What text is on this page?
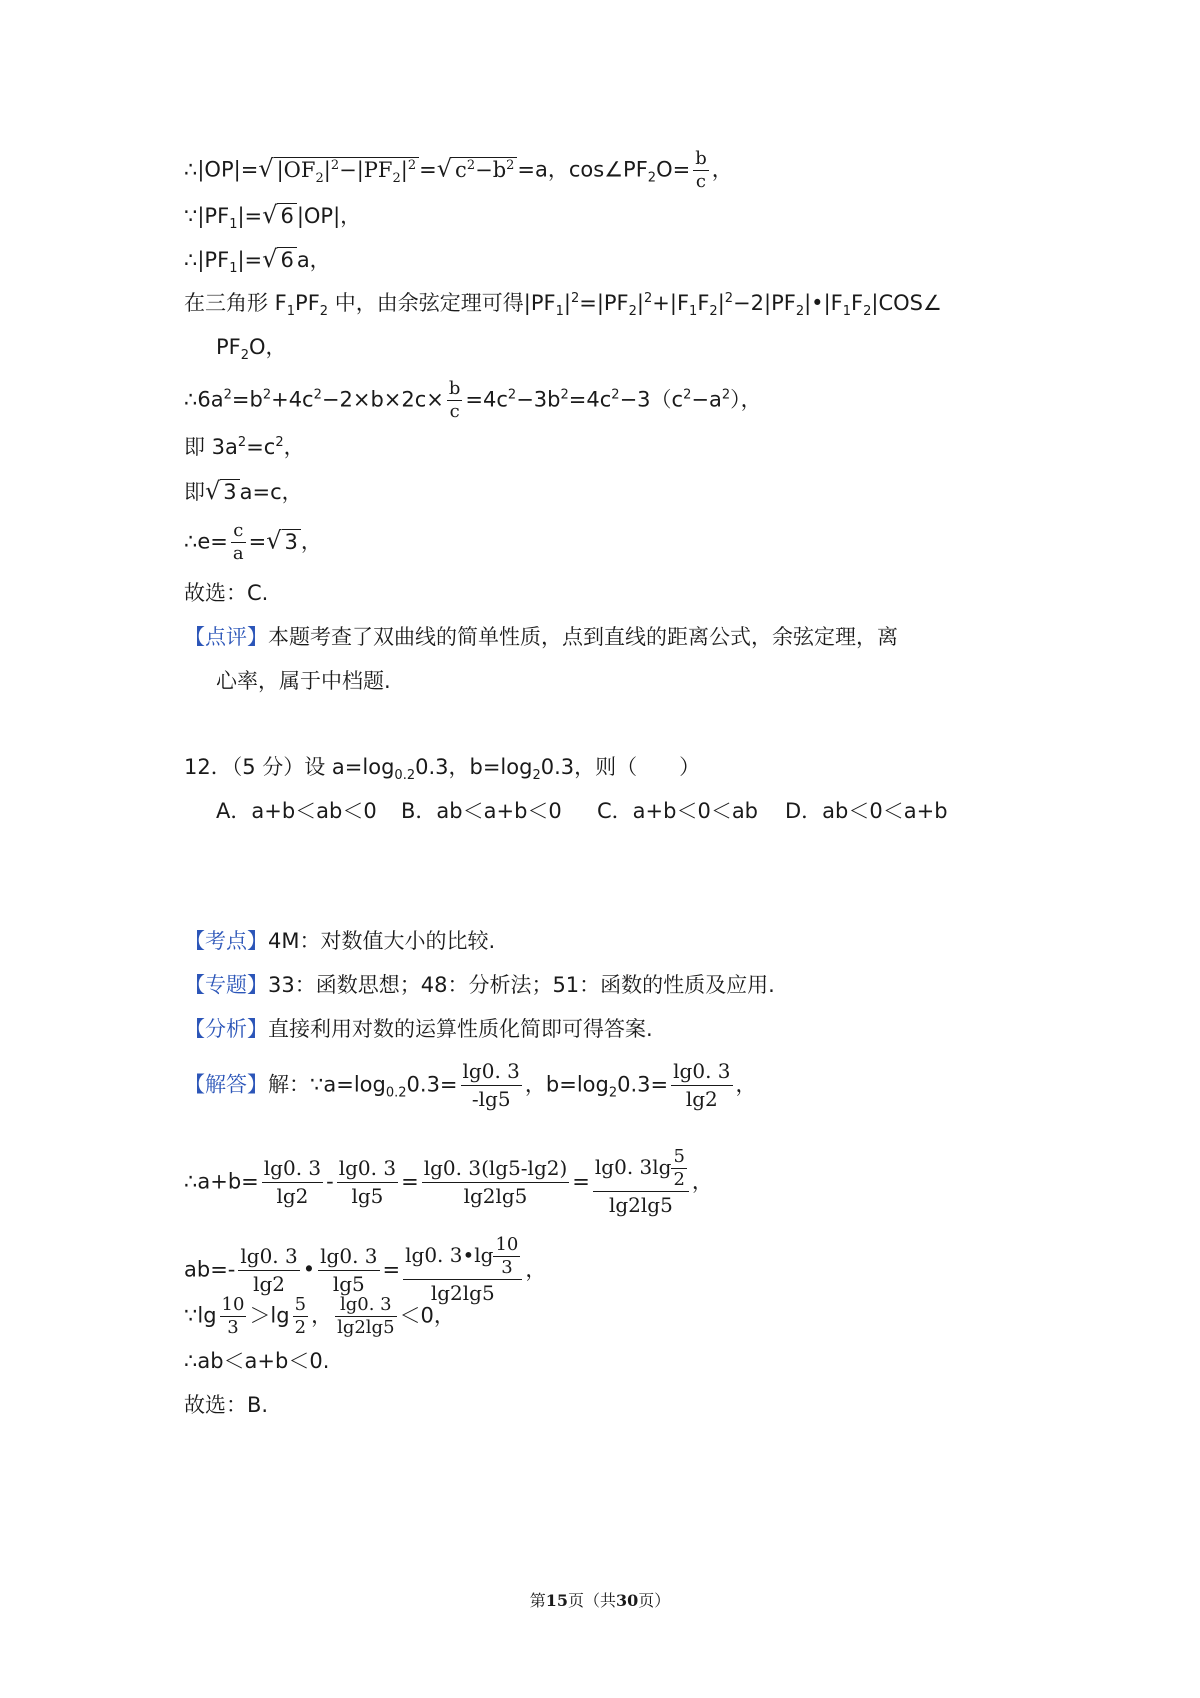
∴|OP|=√ $|OF_2|^2-|PF_2|^2$ =√ $c^2-b^2 =a$，$\cos\angle PF_2O= \frac{b}{c}$ ，
$\because|PF_1|=√$ 6 |OP|，
$\therefore|PF_1|=√$ 6 a，
在三角形 $F_1PF_2$ 中，由余弦定理可得$|PF_1|^2=|PF_2|^2+|F_1F_2|^2-2|PF_2|•|F_1F_2|COS\angle$
$PF_2O$，
$\therefore 6a^2=b^2+4c^2-2\times b\times 2c\times \frac{b}{c} =4c^2-3b^2=4c^2-3(c^2-a^2)$，
即 $3a^2=c^2$，
即√ 3 a=c，
∴e= $\frac{c}{a}$ =√ 3 ，
故选：C.
【点评】本题考查了双曲线的简单性质，点到直线的距离公式，余弦定理，离
心率，属于中档题.
12．（5 分）设 $a=\log_{0.2}0.3$，$b=\log_20.3$，则（　　）
A．a+b＜ab＜0 B．ab＜a+b＜0 C．a+b＜0＜ab D．ab＜0＜a+b
【考点】4M：对数值大小的比较.
【专题】33：函数思想；48：分析法；51：函数的性质及应用.
【分析】直接利用对数的运算性质化简即可得答案.
【解答】解：$\because a=\log_{0.2}0.3= \frac{\lg 0. 3}{-\lg 5}$ ，$b=\log_20.3= \frac{\lg 0. 3}{\lg 2}$ ，
∴a+b= $\frac{\lg 0. 3}{\lg 2} - \frac{\lg 0. 3}{\lg 5} = \frac{\lg 0. 3(\lg 5-\lg 2)}{\lg 2\lg 5} = \frac{\lg 0. 3\lg \frac{5}{2}}{\lg 2\lg 5}$ ，
$ab=- \frac{\lg 0. 3}{\lg 2}$ • $\frac{\lg 0. 3}{\lg 5} = \frac{\lg 0. 3•\lg \frac{10}{3}}{\lg 2\lg 5}$ ，
∵lg $\frac{10}{3} >\lg \frac{5}{2}$ ， $\frac{\lg 0. 3}{\lg 2\lg 5} <0$，
∴ab＜a+b＜0.
故选：B.
第15页（共30页）
